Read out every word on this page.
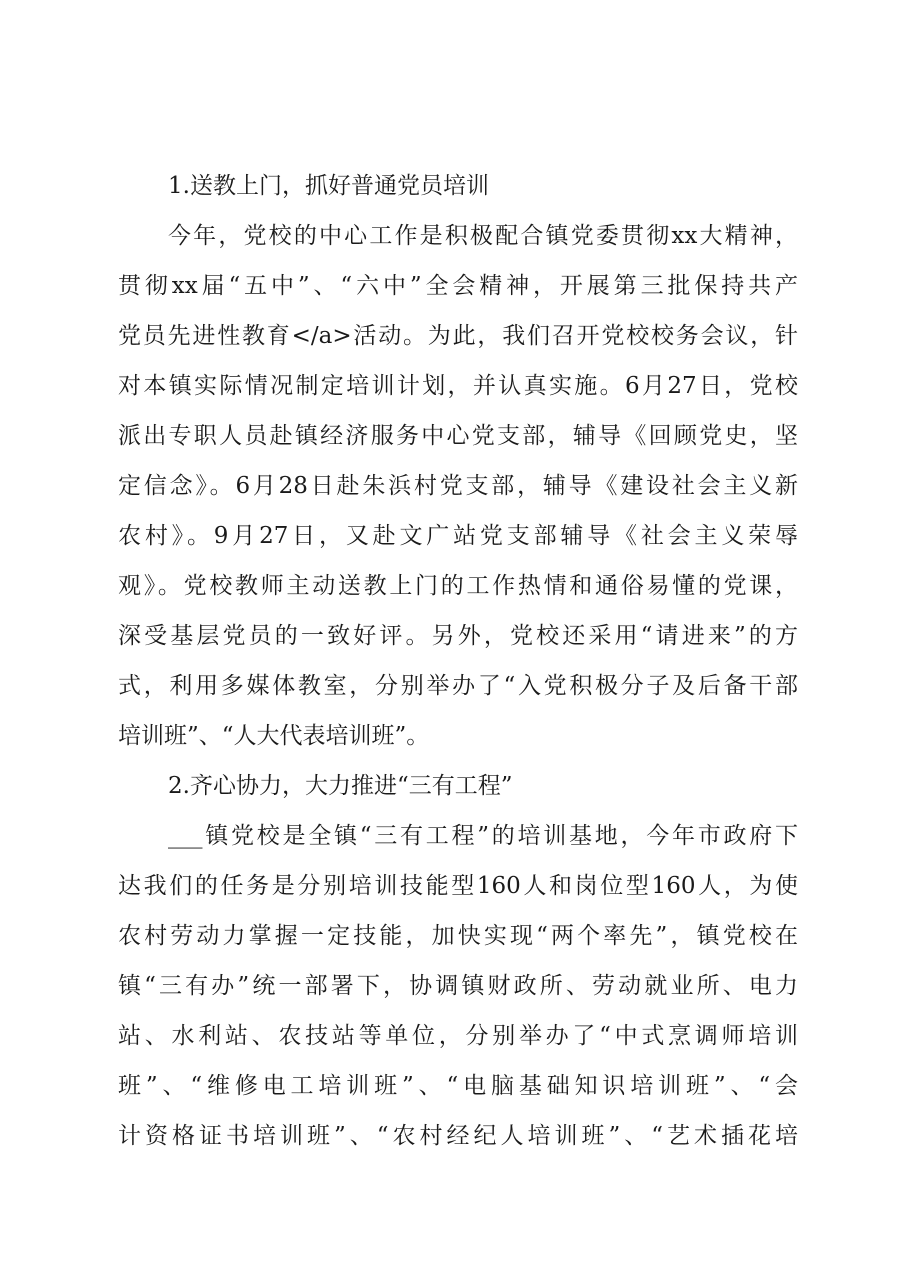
1.送教上门，抓好普通党员培训
今年，党校的中心工作是积极配合镇党委贯彻xx大精神，
贯彻xx届“五中”、“六中”全会精神，开展第三批保持共产
党员先进性教育</a>活动。为此，我们召开党校校务会议，针
对本镇实际情况制定培训计划，并认真实施。6月27日，党校
派出专职人员赴镇经济服务中心党支部，辅导《回顾党史，坚
定信念》。6月28日赴朱浜村党支部，辅导《建设社会主义新
农村》。9月27日，又赴文广站党支部辅导《社会主义荣辱
观》。党校教师主动送教上门的工作热情和通俗易懂的党课，
深受基层党员的一致好评。另外，党校还采用“请进来”的方
式，利用多媒体教室，分别举办了“入党积极分子及后备干部
培训班”、“人大代表培训班”。
2.齐心协力，大力推进“三有工程”
___镇党校是全镇“三有工程”的培训基地，今年市政府下
达我们的任务是分别培训技能型160人和岗位型160人，为使
农村劳动力掌握一定技能，加快实现“两个率先”，镇党校在
镇“三有办”统一部署下，协调镇财政所、劳动就业所、电力
站、水利站、农技站等单位，分别举办了“中式烹调师培训
班”、“维修电工培训班”、“电脑基础知识培训班”、“会
计资格证书培训班”、“农村经纪人培训班”、“艺术插花培
